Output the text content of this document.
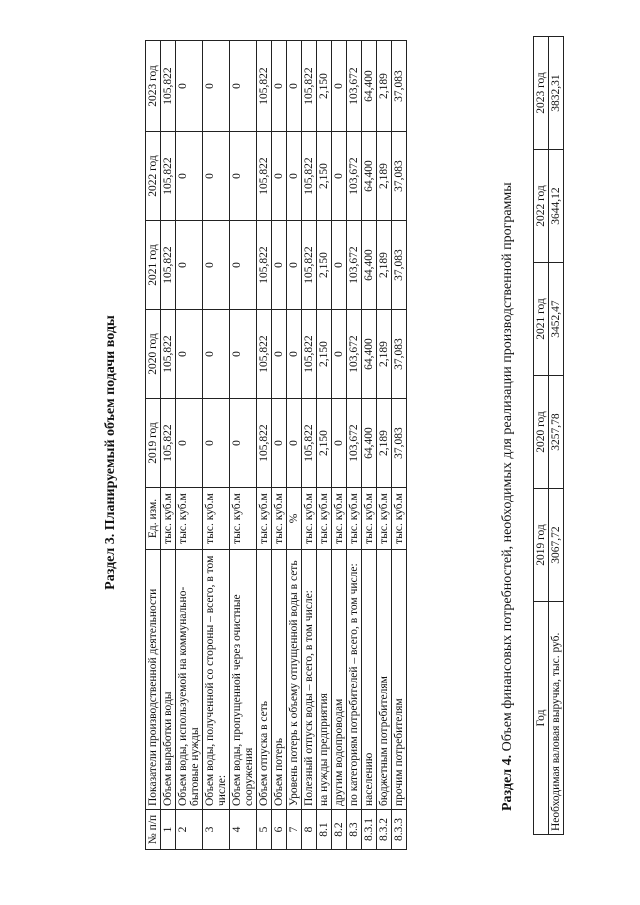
Раздел 3. Планируемый объем подачи воды
№ п/п	Показатели производственной деятельности	Ед. изм.	2019 год	2020 год	2021 год	2022 год	2023 год
1	Объем выработки воды	тыс. куб.м	105,822	105,822	105,822	105,822	105,822
2	Объем воды, используемой на коммунально-бытовые нужды	тыс. куб.м	0	0	0	0	0
3	Объем воды, полученной со стороны – всего, в том числе:	тыс. куб.м	0	0	0	0	0
4	Объем воды, пропущенной через очистные сооружения	тыс. куб.м	0	0	0	0	0
5	Объем отпуска в сеть	тыс. куб.м	105,822	105,822	105,822	105,822	105,822
6	Объем потерь	тыс. куб.м	0	0	0	0	0
7	Уровень потерь к объему отпущенной воды в сеть	%	0	0	0	0	0
8	Полезный отпуск воды – всего, в том числе:	тыс. куб.м	105,822	105,822	105,822	105,822	105,822
8.1	на нужды предприятия	тыс. куб.м	2,150	2,150	2,150	2,150	2,150
8.2	другим водопроводам	тыс. куб.м	0	0	0	0	0
8.3	по категориям потребителей – всего, в том числе:	тыс. куб.м	103,672	103,672	103,672	103,672	103,672
8.3.1	населению	тыс. куб.м	64,400	64,400	64,400	64,400	64,400
8.3.2	бюджетным потребителям	тыс. куб.м	2,189	2,189	2,189	2,189	2,189
8.3.3	прочим потребителям	тыс. куб.м	37,083	37,083	37,083	37,083	37,083
Раздел 4. Объем финансовых потребностей, необходимых для реализации производственной программы Год	2019 год	2020 год	2021 год	2022 год	2023 год
Необходимая валовая выручка, тыс. руб.	3067,72	3257,78	3452,47	3644,12	3832,31
